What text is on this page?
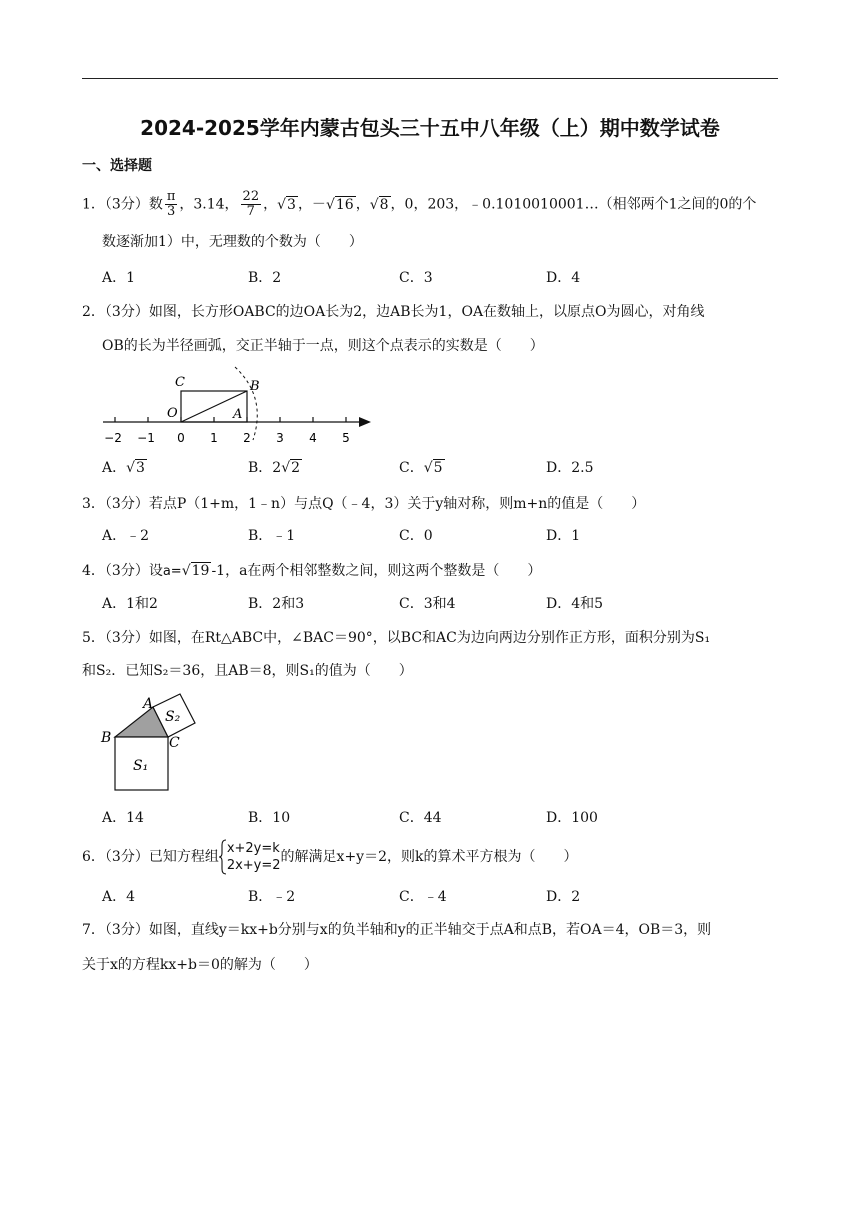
2024-2025学年内蒙古包头三十五中八年级（上）期中数学试卷
一、选择题
1．（3分）数 $\frac{\pi}{3}$ ，3.14， $\frac{22}{7}$ ，√3 ，－√16 ，√8 ，0，203，﹣0.1010010001…（相邻两个1之间的0的个
数逐渐加1）中，无理数的个数为（　　）
A．1	B．2	C．3	D．4
2．（3分）如图，长方形OABC的边OA长为2，边AB长为1，OA在数轴上，以原点O为圆心，对角线
OB的长为半径画弧，交正半轴于一点，则这个点表示的实数是（　　）
C	B
O	A
−2 −1 0 1 2 3 4 5
A．√3	B．2√2	C．√5	D．2.5
3．（3分）若点P（1+m，1﹣n）与点Q（﹣4，3）关于y轴对称，则m+n的值是（　　）
A．﹣2	B．﹣1	C．0	D．1
4．（3分）设a=√19 -1，a在两个相邻整数之间，则这两个整数是（　　）
A．1和2	B．2和3	C．3和4	D．4和5
5．（3分）如图，在Rt△ABC中，∠BAC＝90°，以BC和AC为边向两边分别作正方形，面积分别为S₁
和S₂．已知S₂＝36，且AB＝8，则S₁的值为（　　）
A
B	C
S₁
S₂
A．14	B．10	C．44	D．100
6．（3分）已知方程组
x+2y=k
2x+y=2
的解满足x+y＝2，则k的算术平方根为（　　）
A．4	B．﹣2	C．﹣4	D．2
7．（3分）如图，直线y＝kx+b分别与x的负半轴和y的正半轴交于点A和点B，若OA＝4，OB＝3，则
关于x的方程kx+b＝0的解为（　　）
